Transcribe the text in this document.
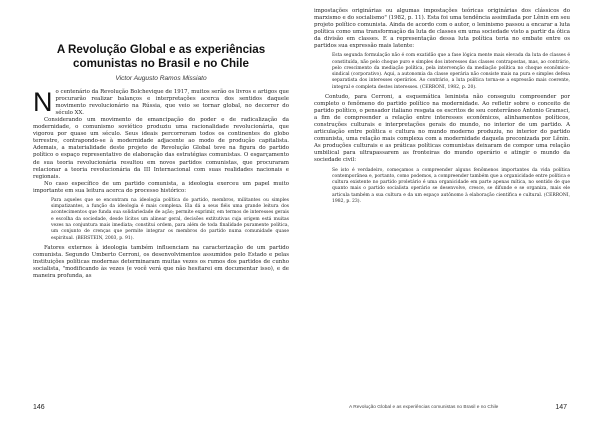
A Revolução Global e as experiências comunistas no Brasil e no Chile
Victor Augusto Ramos Missiato

No centenário da Revolução Bolchevique de 1917, muitos serão os livros e artigos que procurarão realizar balanços e interpretações acerca dos sentidos daquele movimento revolucionário na Rússia, que veio se tornar global, no decorrer do século XX.

Considerando um movimento de emancipação do poder e de radicalização da modernidade, o comunismo soviético produziu uma racionalidade revolucionária, que vigorou por quase um século. Seus ideais percorreram todos os continentes do globo terrestre, contrapondo-se à modernidade adjacente ao modo de produção capitalista. Ademais, a materialidade deste projeto de Revolução Global teve na figura do partido político o espaço representativo de elaboração das estratégias comunistas. O esgarçamento de sua teoria revolucionária resultou em novos partidos comunistas, que procuraram relacionar a teoria revolucionária da III Internacional com suas realidades nacionais e regionais.

No caso específico de um partido comunista, a ideologia exerceu um papel muito importante em sua leitura acerca do processo histórico:

Para aqueles que se encontram na ideologia política do partido, membros, militantes ou simples simpatizantes, a função da ideologia é mais complexa. Ela dá a seus fiéis uma grande leitura dos acontecimentos que funda sua solidariedade de ação; permite exprimir, em termos de interesses gerais e escolha da sociedade, desde lícitos um alinear geral, decisões extitutivas cuja origem está muitas vezes na conjuntura mais imediata; constitui ordem, para além de toda finalidade puramente política, um conjunto de crenças que permite integrar os membros do partido numa comunidade quase espiritual. (BERSTEIN, 2003, p. 91).

Fatores externos à ideologia também influenciam na caracterização de um partido comunista. Segundo Umberto Cerroni, os desenvolvimentos assumidos pelo Estado e pelas instituições políticas modernas determinaram muitas vezes os rumos dos partidos de cunho socialista, "modificando às vezes (e você verá que não hesitarei em documentar isso), e de maneira profunda, as

146

impostações originárias ou algumas impostações teóricas originárias dos clássicos do marxismo e do socialismo" (1982, p. 11). Esta foi uma tendência assimilada por Lênin em seu projeto político comunista. Ainda de acordo com o autor, o leninismo passou a encarar a luta política como uma transformação da luta de classes em uma sociedade visto a partir da ótica da divisão em classes. E a representação dessa luta política teria no embate entre os partidos sua expressão mais latente:

Esta segunda formulação não é com exatidão que a fase lógica mente mais elevada da luta de classes é constituída, não pelo choque puro e simples dos interesses das classes contrapostas, mas, ao contrário, pelo crescimento da mediação política, pela intervenção da mediação política no choque econômico-sindical (corporativo). Aqui, a autonomia da classe operária não consiste mais na pura e simples defesa separatista dos interesses operários. Ao contrário, a luta política torna-se a expressão mais coerente, integral e completa destes interesses. (CERRONI, 1982, p. 20).

Contudo, para Cerroni, a esquemática leninista não conseguiu compreender por completo o fenômeno do partido político na modernidade. Ao refletir sobre o conceito de partido político, o pensador italiano resgata os escritos de seu conterrâneo Antonio Gramsci, a fim de compreender a relação entre interesses econômicos, alinhamentos políticos, construções culturais e interpretações gerais do mundo, no interior de um partido. A articulação entre política e cultura no mundo moderno produziu, no interior do partido comunista, uma relação mais complexa com a modernidade daquela preconizada por Lênin. As produções culturais e as práticas políticas comunistas deixaram de compor uma relação umbilical para ultrapassarem as fronteiras do mundo operário e atingir o mundo da sociedade civil:

Se isto é verdadeiro, começamos a compreender alguns fenômenos importantes da vida política contemporânea e, portanto, como podemos, a compreender também que a organicidade entre política e cultura existente no partido proletário é uma organicidade em parte apenas mítica, no sentido de que quanto mais o partido socialista operário se desenvolve, cresce, se difunde e se organiza, mais ele articula também a sua cultura e da um espaço autônomo à elaboração científica e cultural. (CERRONI, 1982, p. 23).
A Revolução Global e as experiências comunistas no Brasil e no Chile	147
